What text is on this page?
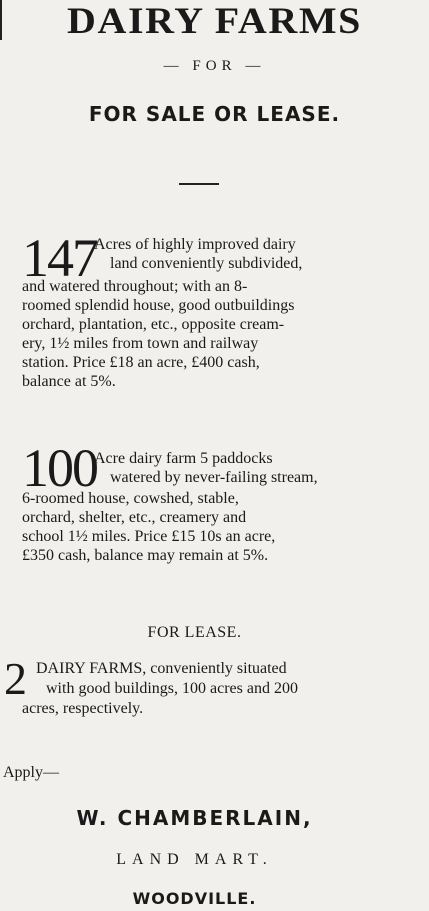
DAIRY FARMS
— FOR —
FOR SALE OR LEASE.
147

Acres of highly improved dairy

land conveniently subdivided,

and watered throughout; with an 8-

roomed splendid house, good outbuildings

orchard, plantation, etc., opposite cream-

ery, 1½ miles from town and railway

station. Price £18 an acre, £400 cash,

balance at 5%.

100

Acre dairy farm 5 paddocks

watered by never-failing stream,

6-roomed house, cowshed, stable,

orchard, shelter, etc., creamery and

school 1½ miles. Price £15 10s an acre,

£350 cash, balance may remain at 5%.

FOR LEASE.
2 DAIRY FARMS, conveniently situated

with good buildings, 100 acres and 200

acres, respectively.

Apply—
W. CHAMBERLAIN,
LAND MART.
WOODVILLE.
